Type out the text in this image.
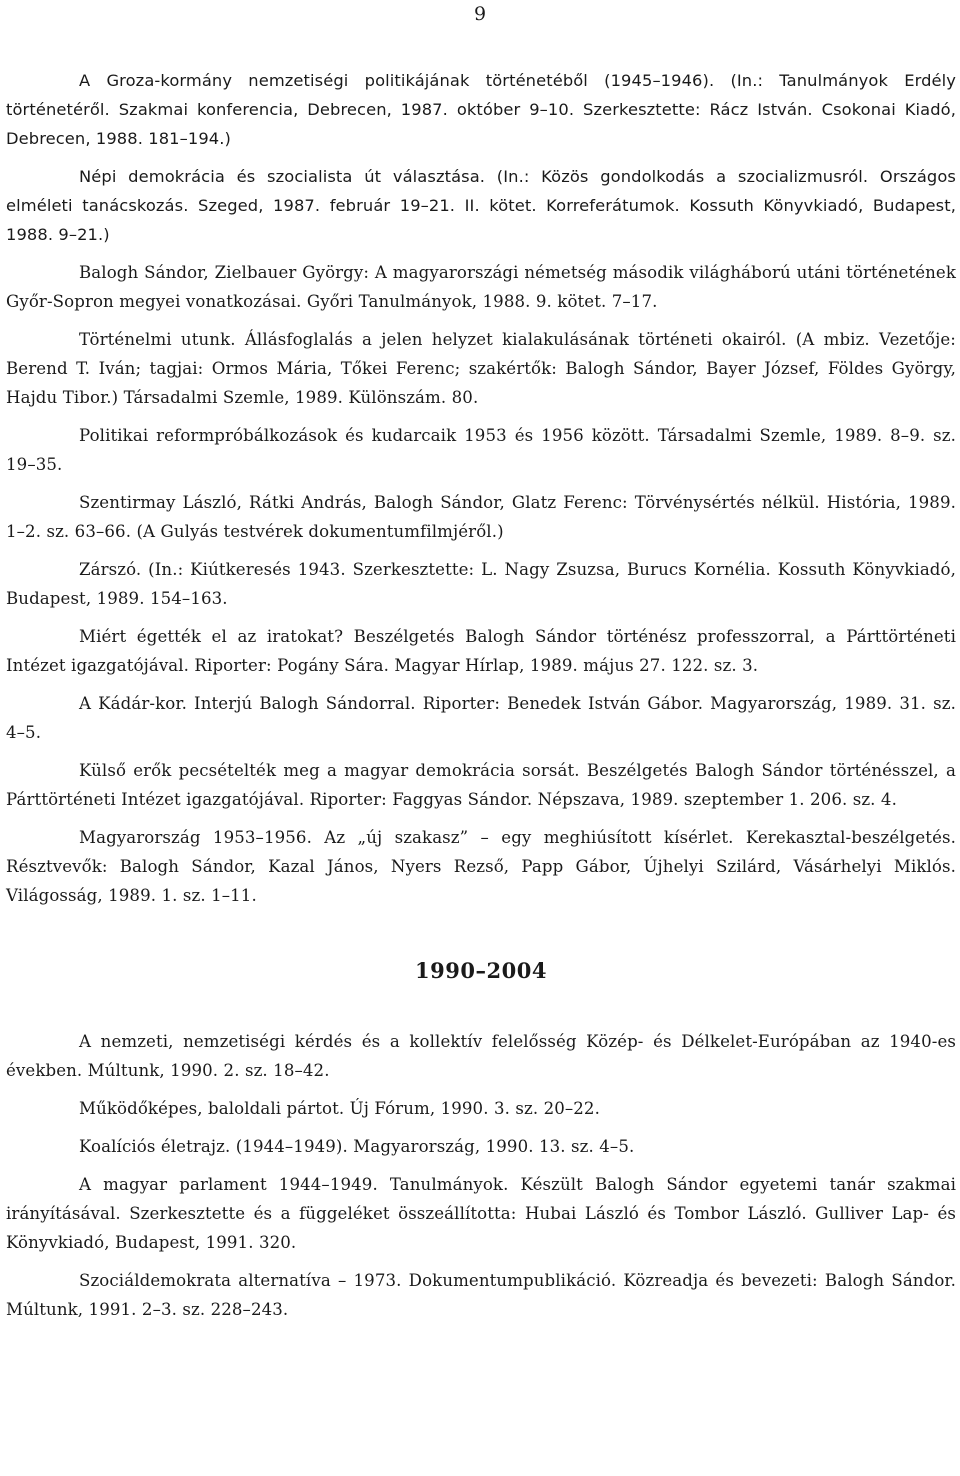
9

A Groza-kormány nemzetiségi politikájának történetéből (1945–1946). (In.: Tanulmányok Erdély történetéről. Szakmai konferencia, Debrecen, 1987. október 9–10. Szerkesztette: Rácz István. Csokonai Kiadó, Debrecen, 1988. 181–194.)

Népi demokrácia és szocialista út választása. (In.: Közös gondolkodás a szocializmusról. Országos elméleti tanácskozás. Szeged, 1987. február 19–21. II. kötet. Korreferátumok. Kossuth Könyvkiadó, Budapest, 1988. 9–21.)

Balogh Sándor, Zielbauer György: A magyarországi németség második világháború utáni történetének Győr-Sopron megyei vonatkozásai. Győri Tanulmányok, 1988. 9. kötet. 7–17.

Történelmi utunk. Állásfoglalás a jelen helyzet kialakulásának történeti okairól. (A mbiz. Vezetője: Berend T. Iván; tagjai: Ormos Mária, Tőkei Ferenc; szakértők: Balogh Sándor, Bayer József, Földes György, Hajdu Tibor.) Társadalmi Szemle, 1989. Különszám. 80.

Politikai reformpróbálkozások és kudarcaik 1953 és 1956 között. Társadalmi Szemle, 1989. 8–9. sz. 19–35.

Szentirmay László, Rátki András, Balogh Sándor, Glatz Ferenc: Törvénysértés nélkül. História, 1989. 1–2. sz. 63–66. (A Gulyás testvérek dokumentumfilmjéről.)

Zárszó. (In.: Kiútkeresés 1943. Szerkesztette: L. Nagy Zsuzsa, Burucs Kornélia. Kossuth Könyvkiadó, Budapest, 1989. 154–163.

Miért égették el az iratokat? Beszélgetés Balogh Sándor történész professzorral, a Párttörténeti Intézet igazgatójával. Riporter: Pogány Sára. Magyar Hírlap, 1989. május 27. 122. sz. 3.

A Kádár-kor. Interjú Balogh Sándorral. Riporter: Benedek István Gábor. Magyarország, 1989. 31. sz. 4–5.

Külső erők pecsételték meg a magyar demokrácia sorsát. Beszélgetés Balogh Sándor történésszel, a Párttörténeti Intézet igazgatójával. Riporter: Faggyas Sándor. Népszava, 1989. szeptember 1. 206. sz. 4.

Magyarország 1953–1956. Az „új szakasz” – egy meghiúsított kísérlet. Kerekasztal-beszélgetés. Résztvevők: Balogh Sándor, Kazal János, Nyers Rezső, Papp Gábor, Újhelyi Szilárd, Vásárhelyi Miklós. Világosság, 1989. 1. sz. 1–11.

1990–2004

A nemzeti, nemzetiségi kérdés és a kollektív felelősség Közép- és Délkelet-Európában az 1940-es években. Múltunk, 1990. 2. sz. 18–42.

Működőképes, baloldali pártot. Új Fórum, 1990. 3. sz. 20–22.

Koalíciós életrajz. (1944–1949). Magyarország, 1990. 13. sz. 4–5.

A magyar parlament 1944–1949. Tanulmányok. Készült Balogh Sándor egyetemi tanár szakmai irányításával. Szerkesztette és a függeléket összeállította: Hubai László és Tombor László. Gulliver Lap- és Könyvkiadó, Budapest, 1991. 320.

Szociáldemokrata alternatíva – 1973. Dokumentumpublikáció. Közreadja és bevezeti: Balogh Sándor. Múltunk, 1991. 2–3. sz. 228–243.
